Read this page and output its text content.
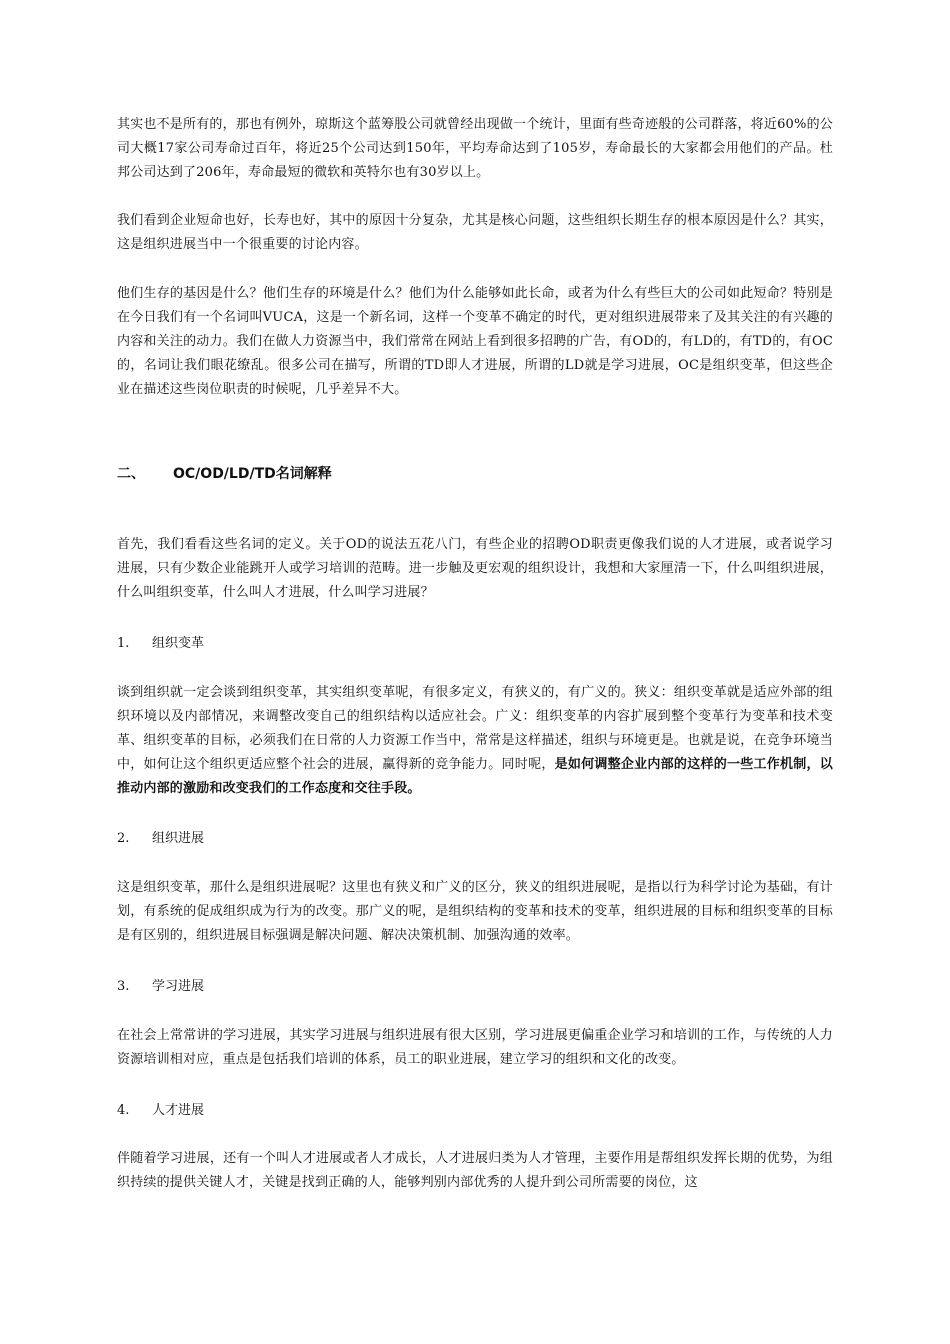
其实也不是所有的，那也有例外，琼斯这个蓝筹股公司就曾经出现做一个统计，里面有些奇迹般的公司群落，将近60%的公司大概17家公司寿命过百年，将近25个公司达到150年，平均寿命达到了105岁，寿命最长的大家都会用他们的产品。杜邦公司达到了206年，寿命最短的微软和英特尔也有30岁以上。

我们看到企业短命也好，长寿也好，其中的原因十分复杂，尤其是核心问题，这些组织长期生存的根本原因是什么？其实，这是组织进展当中一个很重要的讨论内容。

他们生存的基因是什么？他们生存的环境是什么？他们为什么能够如此长命，或者为什么有些巨大的公司如此短命？特别是在今日我们有一个名词叫VUCA，这是一个新名词，这样一个变革不确定的时代，更对组织进展带来了及其关注的有兴趣的内容和关注的动力。我们在做人力资源当中，我们常常在网站上看到很多招聘的广告，有OD的，有LD的，有TD的，有OC的，名词让我们眼花缭乱。很多公司在描写，所谓的TD即人才进展，所谓的LD就是学习进展，OC是组织变革，但这些企业在描述这些岗位职责的时候呢，几乎差异不大。

二、 OC/OD/LD/TD名词解释

首先，我们看看这些名词的定义。关于OD的说法五花八门，有些企业的招聘OD职责更像我们说的人才进展，或者说学习进展，只有少数企业能跳开人或学习培训的范畴。进一步触及更宏观的组织设计，我想和大家厘清一下，什么叫组织进展，什么叫组织变革，什么叫人才进展，什么叫学习进展？

1. 组织变革

谈到组织就一定会谈到组织变革，其实组织变革呢，有很多定义，有狭义的，有广义的。狭义：组织变革就是适应外部的组织环境以及内部情况，来调整改变自己的组织结构以适应社会。广义：组织变革的内容扩展到整个变革行为变革和技术变革、组织变革的目标，必须我们在日常的人力资源工作当中，常常是这样描述，组织与环境更是。也就是说，在竞争环境当中，如何让这个组织更适应整个社会的进展，赢得新的竞争能力。同时呢，是如何调整企业内部的这样的一些工作机制，以推动内部的激励和改变我们的工作态度和交往手段。

2. 组织进展

这是组织变革，那什么是组织进展呢？这里也有狭义和广义的区分，狭义的组织进展呢，是指以行为科学讨论为基础，有计划，有系统的促成组织成为行为的改变。那广义的呢，是组织结构的变革和技术的变革，组织进展的目标和组织变革的目标是有区别的，组织进展目标强调是解决问题、解决决策机制、加强沟通的效率。

3. 学习进展

在社会上常常讲的学习进展，其实学习进展与组织进展有很大区别，学习进展更偏重企业学习和培训的工作，与传统的人力资源培训相对应，重点是包括我们培训的体系，员工的职业进展，建立学习的组织和文化的改变。

4. 人才进展

伴随着学习进展，还有一个叫人才进展或者人才成长，人才进展归类为人才管理，主要作用是帮组织发挥长期的优势，为组织持续的提供关键人才，关键是找到正确的人，能够判别内部优秀的人提升到公司所需要的岗位，这
